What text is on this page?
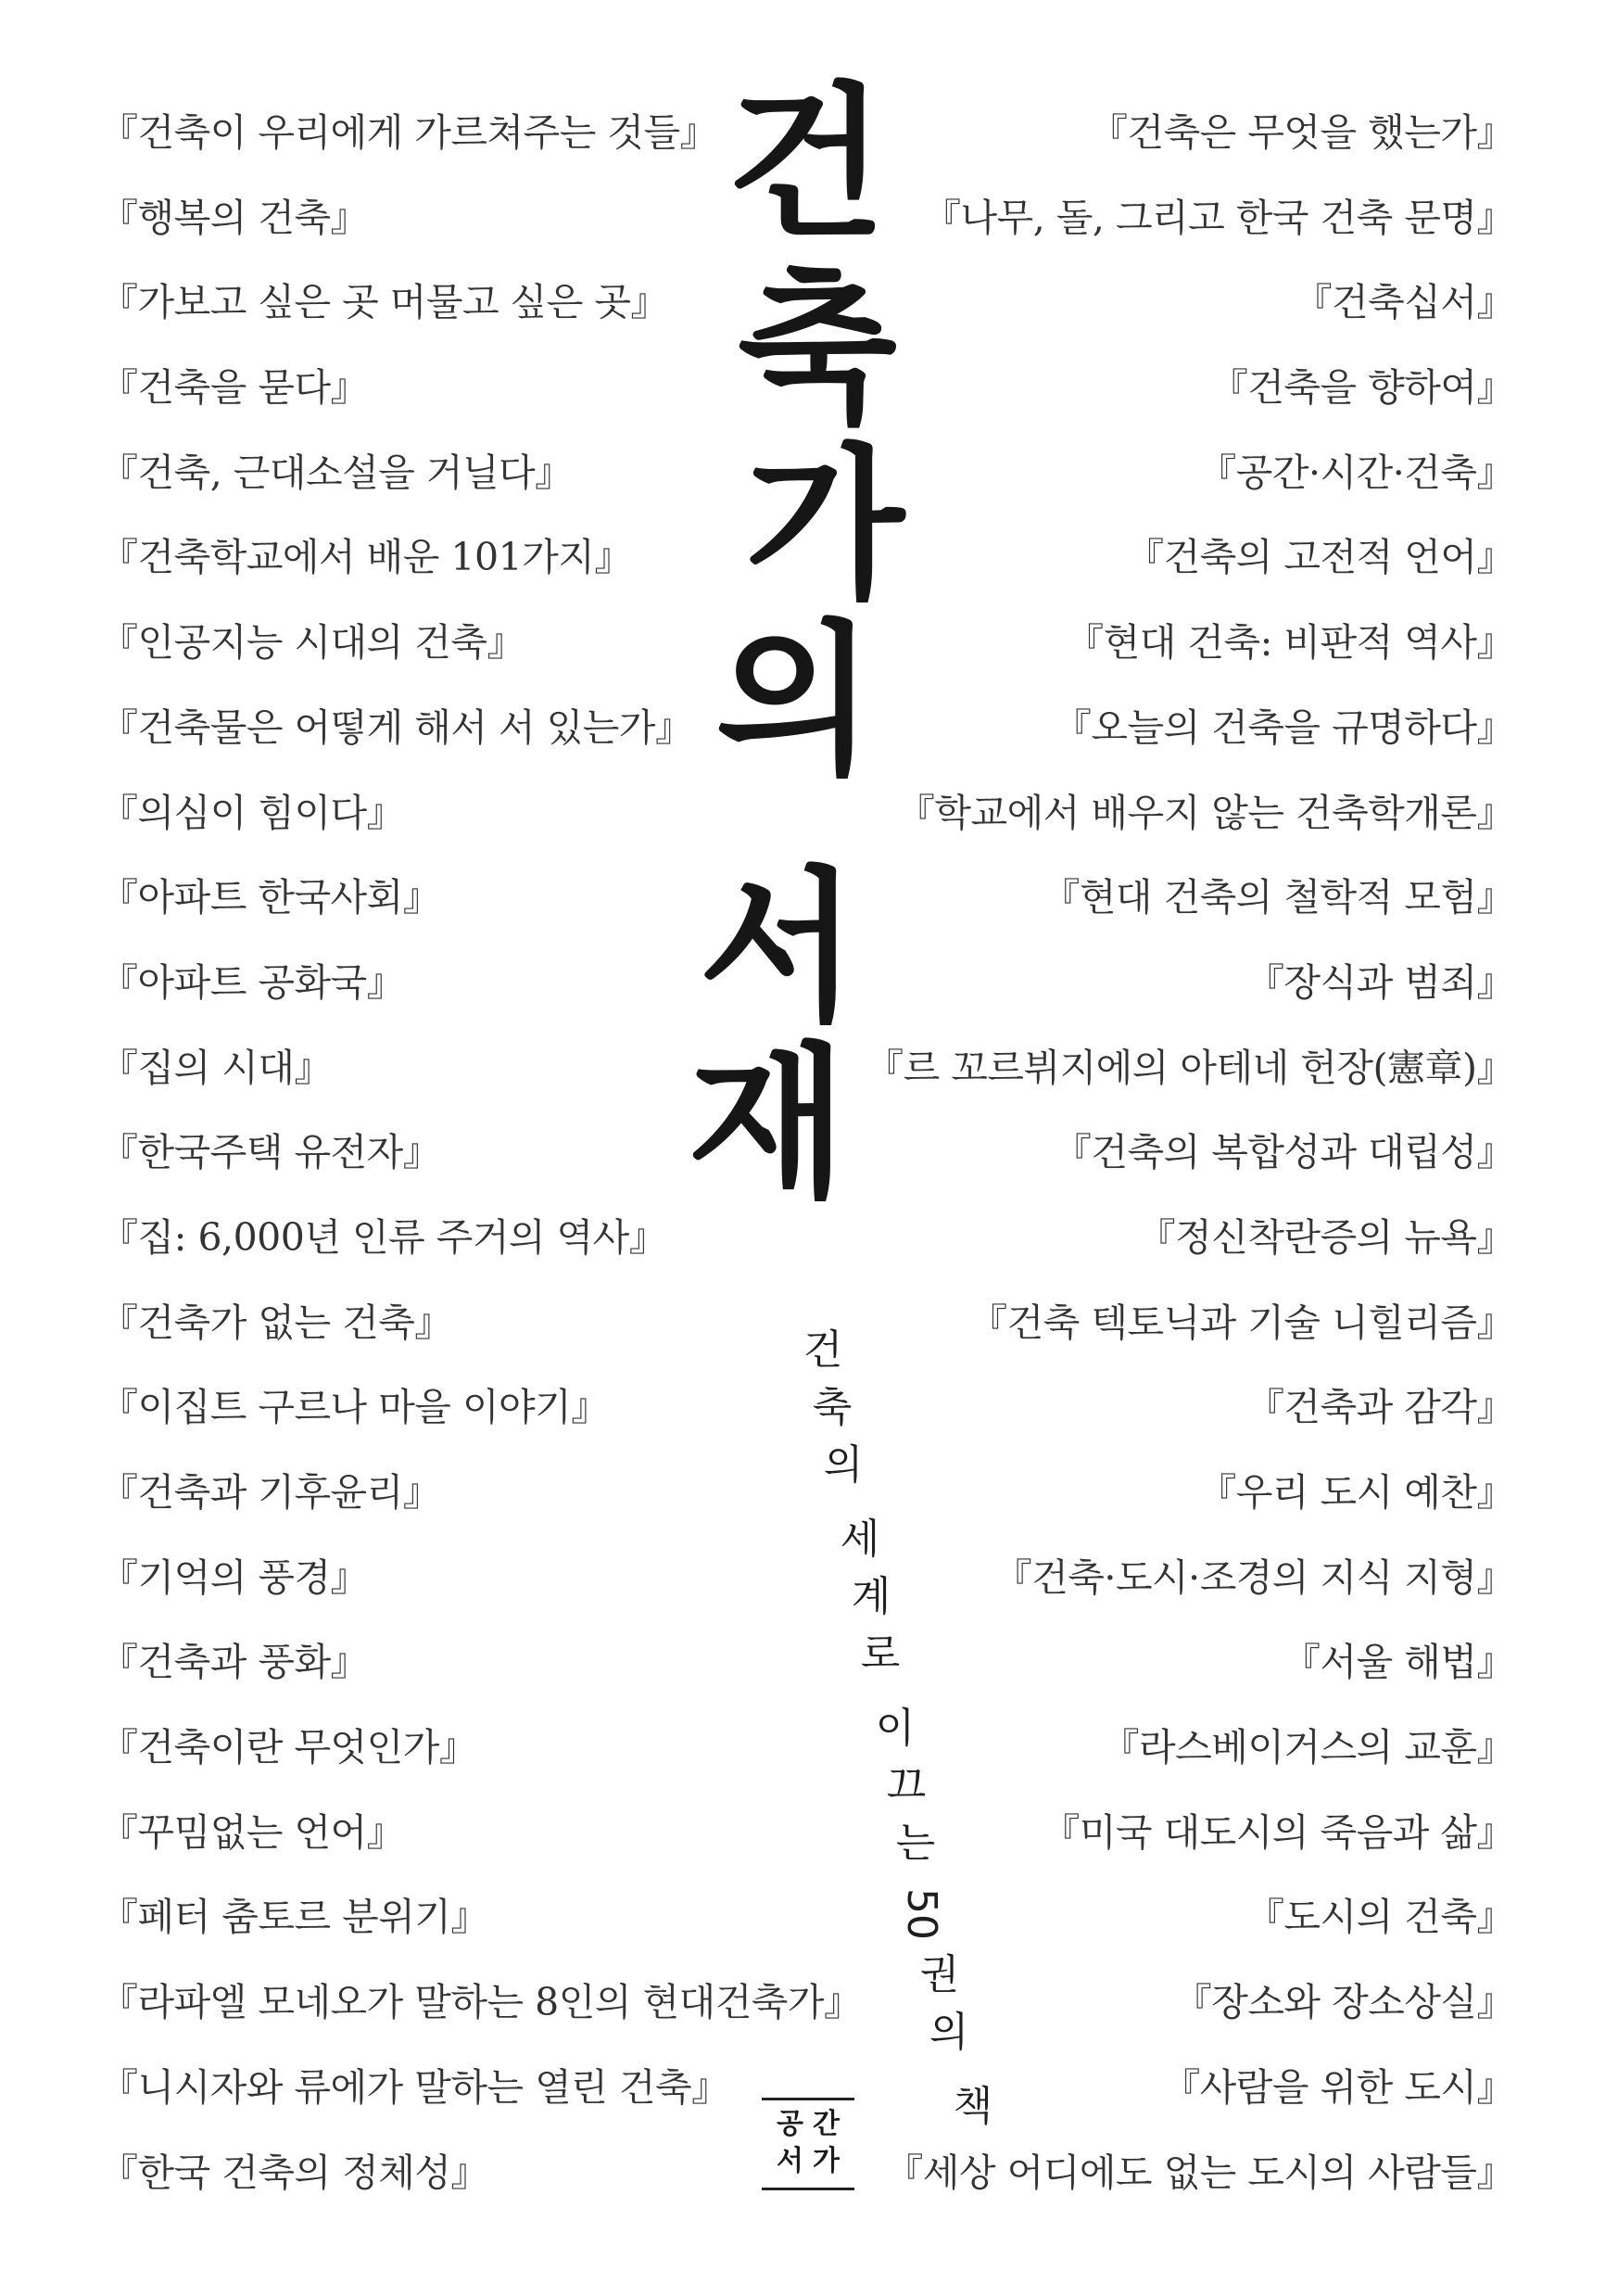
『건축이 우리에게 가르쳐주는 것들』
『행복의 건축』
『가보고 싶은 곳 머물고 싶은 곳』
『건축을 묻다』
『건축, 근대소설을 거닐다』
『건축학교에서 배운 101가지』
『인공지능 시대의 건축』
『건축물은 어떻게 해서 서 있는가』
『의심이 힘이다』
『아파트 한국사회』
『아파트 공화국』
『집의 시대』
『한국주택 유전자』
『집: 6,000년 인류 주거의 역사』
『건축가 없는 건축』
『이집트 구르나 마을 이야기』
『건축과 기후윤리』
『기억의 풍경』
『건축과 풍화』
『건축이란 무엇인가』
『꾸밈없는 언어』
『페터 춤토르 분위기』
『라파엘 모네오가 말하는 8인의 현대건축가』
『니시자와 류에가 말하는 열린 건축』
『한국 건축의 정체성』
『건축은 무엇을 했는가』
『나무, 돌, 그리고 한국 건축 문명』
『건축십서』
『건축을 향하여』
『공간·시간·건축』
『건축의 고전적 언어』
『현대 건축: 비판적 역사』
『오늘의 건축을 규명하다』
『학교에서 배우지 않는 건축학개론』
『현대 건축의 철학적 모험』
『장식과 범죄』
『르 꼬르뷔지에의 아테네 헌장(憲章)』
『건축의 복합성과 대립성』
『정신착란증의 뉴욕』
『건축 텍토닉과 기술 니힐리즘』
『건축과 감각』
『우리 도시 예찬』
『건축·도시·조경의 지식 지형』
『서울 해법』
『라스베이거스의 교훈』
『미국 대도시의 죽음과 삶』
『도시의 건축』
『장소와 장소상실』
『사람을 위한 도시』
『세상 어디에도 없는 도시의 사람들』
건
축
가
의
서
재
건
축
의
세
계
로
이
끄
는
50
권
의
책
공간
서가
